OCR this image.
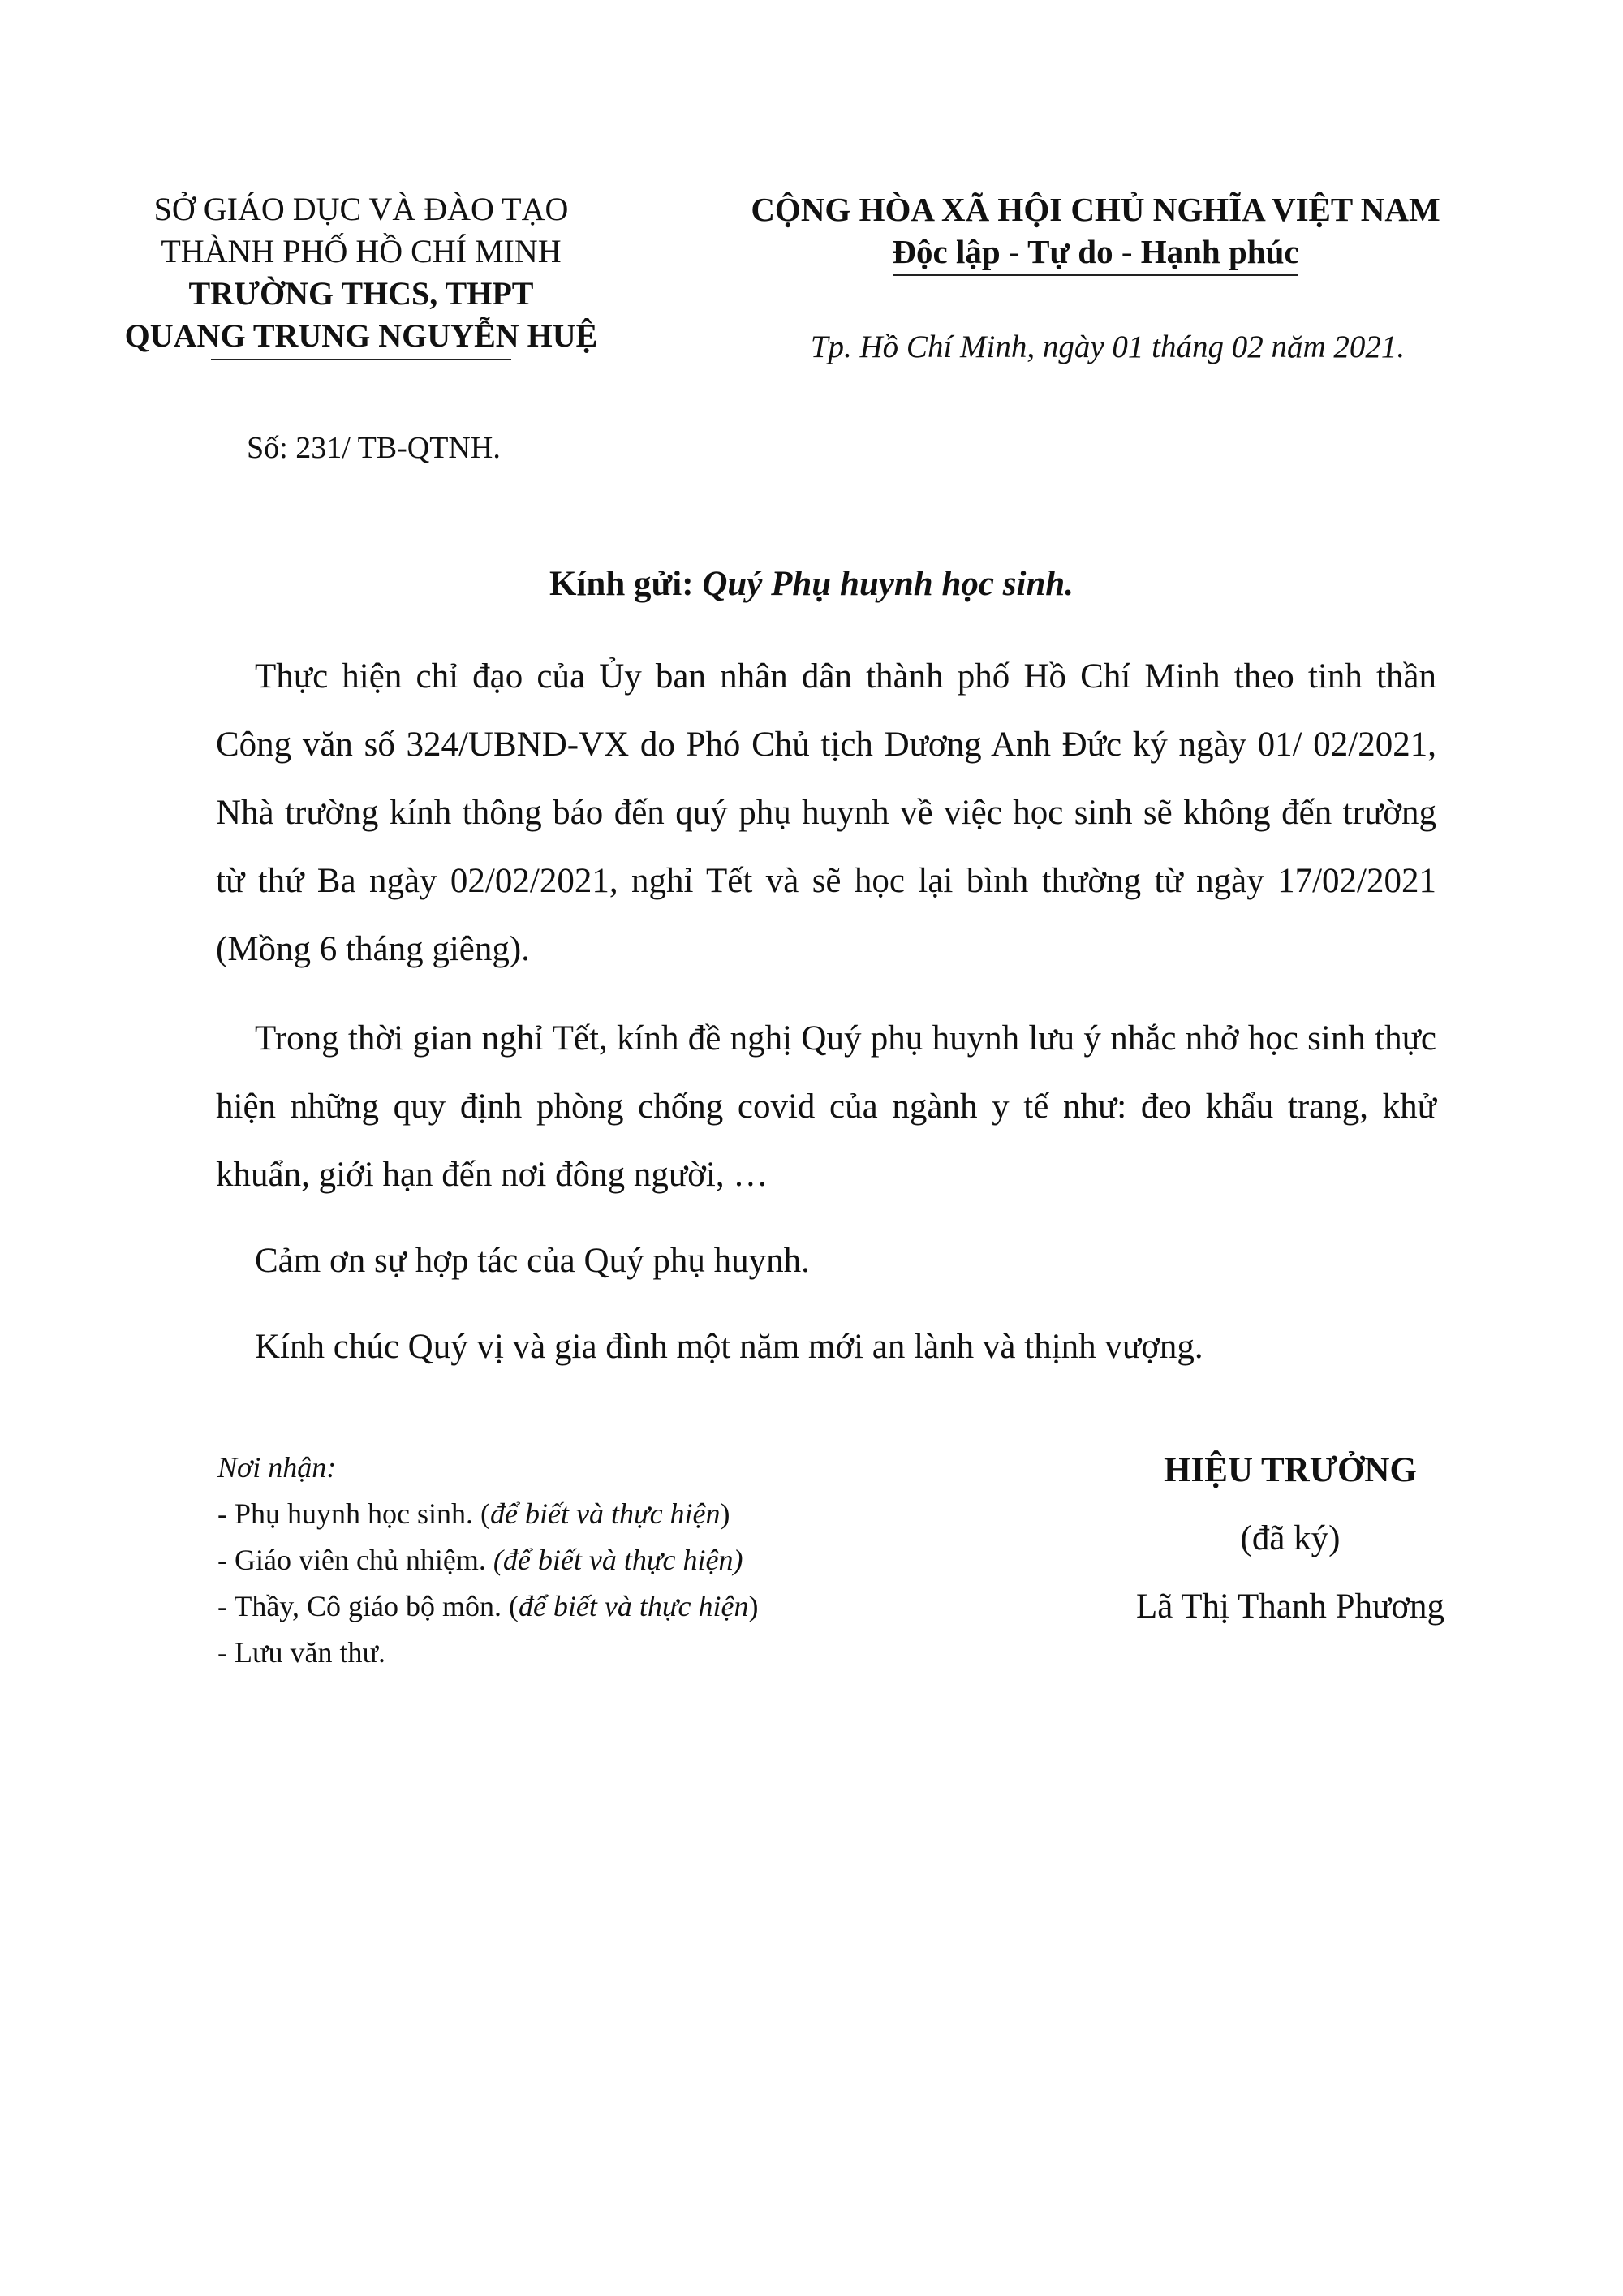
SỞ GIÁO DỤC VÀ ĐÀO TẠO
THÀNH PHỐ HỒ CHÍ MINH
TRƯỜNG THCS, THPT
QUANG TRUNG NGUYỄN HUỆ
CỘNG HÒA XÃ HỘI CHỦ NGHĨA VIỆT NAM
Độc lập - Tự do - Hạnh phúc
Tp. Hồ Chí Minh, ngày 01 tháng 02 năm 2021.
Số: 231/ TB-QTNH.
Kính gửi: Quý Phụ huynh học sinh.

Thực hiện chỉ đạo của Ủy ban nhân dân thành phố Hồ Chí Minh theo tinh thần Công văn số 324/UBND-VX do Phó Chủ tịch Dương Anh Đức ký ngày 01/ 02/2021, Nhà trường kính thông báo đến quý phụ huynh về việc học sinh sẽ không đến trường từ thứ Ba ngày 02/02/2021, nghỉ Tết và sẽ học lại bình thường từ ngày 17/02/2021 (Mồng 6 tháng giêng).

Trong thời gian nghỉ Tết, kính đề nghị Quý phụ huynh lưu ý nhắc nhở học sinh thực hiện những quy định phòng chống covid của ngành y tế như: đeo khẩu trang, khử khuẩn, giới hạn đến nơi đông người, …

Cảm ơn sự hợp tác của Quý phụ huynh.

Kính chúc Quý vị và gia đình một năm mới an lành và thịnh vượng.

Nơi nhận:
- Phụ huynh học sinh. (để biết và thực hiện)
- Giáo viên chủ nhiệm. (để biết và thực hiện)
- Thầy, Cô giáo bộ môn. (để biết và thực hiện)
- Lưu văn thư.
HIỆU TRƯỞNG
(đã ký)
Lã Thị Thanh Phương
